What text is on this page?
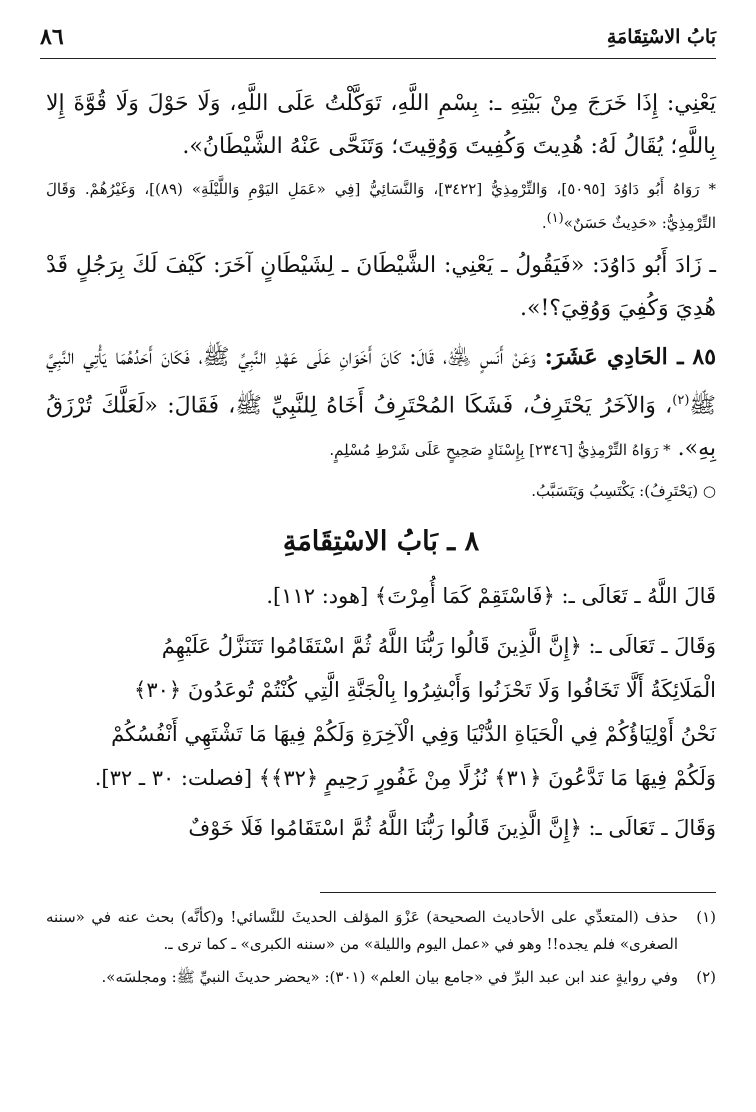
بَابُ الاسْتِقَامَةِ
٨٦

يَعْنِي: إِذَا خَرَجَ مِنْ بَيْتِهِ ـ: بِسْمِ اللَّهِ، تَوَكَّلْتُ عَلَى اللَّهِ، وَلَا حَوْلَ وَلَا قُوَّةَ إِلا بِاللَّهِ؛ يُقَالُ لَهُ: هُدِيتَ وَكُفِيتَ وَوُقِيتَ؛ وَتَنَحَّى عَنْهُ الشَّيْطَانُ».

* رَوَاهُ أَبُو دَاوُدَ [٥٠٩٥]، وَالتِّرْمِذِيُّ [٣٤٢٢]، وَالنَّسَائِيُّ [فِي «عَمَلِ اليَوْمِ وَاللَّيْلَةِ» (٨٩)]، وَغَيْرُهُمْ. وَقَالَ التِّرْمِذِيُّ: «حَدِيثٌ حَسَنٌ»(١).

ـ زَادَ أَبُو دَاوُدَ: «فَيَقُولُ ـ يَعْنِي: الشَّيْطَانَ ـ لِشَيْطَانٍ آخَرَ: كَيْفَ لَكَ بِرَجُلٍ قَدْ هُدِيَ وَكُفِيَ وَوُقِيَ؟!».

٨٥ ـ الحَادِي عَشَرَ: وَعَنْ أَنَسٍ ﵁، قَالَ: كَانَ أَخَوَانِ عَلَى عَهْدِ النَّبِيِّ ﷺ، فَكَانَ أَحَدُهُمَا يَأْتِي النَّبِيَّ ﷺ$^{(٢)}$، وَالآخَرُ يَحْتَرِفُ، فَشَكَا المُحْتَرِفُ أَخَاهُ لِلنَّبِيِّ ﷺ، فَقَالَ: «لَعَلَّكَ تُرْزَقُ بِهِ». * رَوَاهُ التِّرْمِذِيُّ [٢٣٤٦] بِإِسْنَادٍ صَحِيحٍ عَلَى شَرْطِ مُسْلِمٍ.

○ (يَحْتَرِفُ): يَكْتَسِبُ وَيَتَسَبَّبُ.

٨ ـ بَابُ الاسْتِقَامَةِ

قَالَ اللَّهُ ـ تَعَالَى ـ: ﴿فَاسْتَقِمْ كَمَا أُمِرْتَ﴾ [هود: ١١٢].

وَقَالَ ـ تَعَالَى ـ: ﴿إِنَّ الَّذِينَ قَالُوا رَبُّنَا اللَّهُ ثُمَّ اسْتَقَامُوا تَتَنَزَّلُ عَلَيْهِمُ

الْمَلَائِكَةُ أَلَّا تَخَافُوا وَلَا تَحْزَنُوا وَأَبْشِرُوا بِالْجَنَّةِ الَّتِي كُنْتُمْ تُوعَدُونَ ﴿٣٠﴾

نَحْنُ أَوْلِيَاؤُكُمْ فِي الْحَيَاةِ الدُّنْيَا وَفِي الْآخِرَةِ وَلَكُمْ فِيهَا مَا تَشْتَهِي أَنْفُسُكُمْ

وَلَكُمْ فِيهَا مَا تَدَّعُونَ ﴿٣١﴾ نُزُلًا مِنْ غَفُورٍ رَحِيمٍ ﴿٣٢﴾﴾ [فصلت: ٣٠ ـ ٣٢].

وَقَالَ ـ تَعَالَى ـ: ﴿إِنَّ الَّذِينَ قَالُوا رَبُّنَا اللَّهُ ثُمَّ اسْتَقَامُوا فَلَا خَوْفٌ

(١)
حذف (المتعدِّي على الأحاديث الصحيحة) عَزْوَ المؤلف الحديثَ للنَّسائي! و(كأنَّه) بحث عنه في «سننه الصغرى» فلم يجده!! وهو في «عمل اليوم والليلة» من «سننه الكبرى» ـ كما ترى ـ.
(٢)
وفي روايةٍ عند ابن عبد البرِّ في «جامع بيان العلم» (٣٠١): «يحضر حديثَ النبيِّ ﷺ: ومجلسَه».
